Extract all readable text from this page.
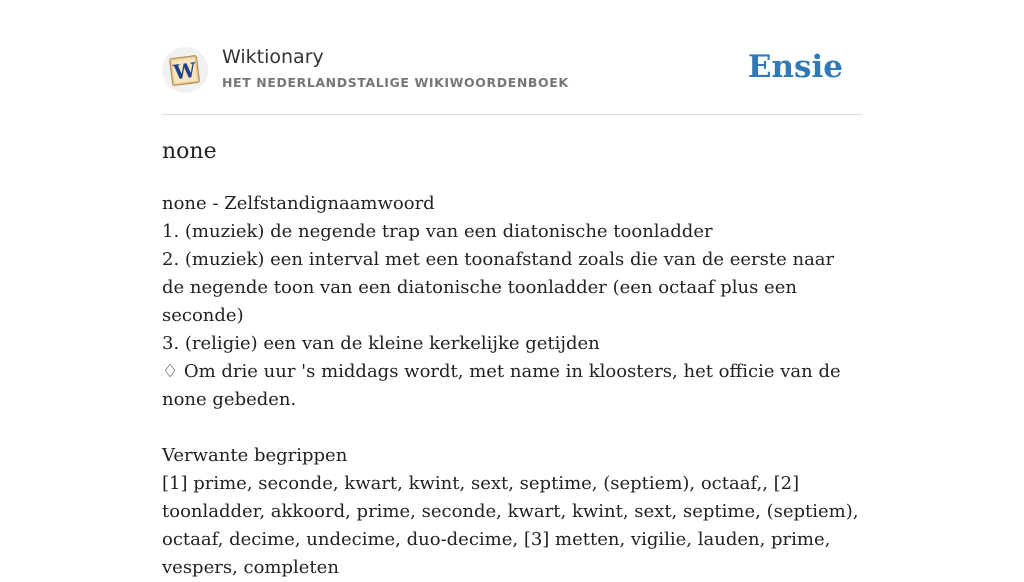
W
Wiktionary
HET NEDERLANDSTALIGE WIKIWOORDENBOEK	Ensie
none
none - Zelfstandignaamwoord
1. (muziek) de negende trap van een diatonische toonladder
2. (muziek) een interval met een toonafstand zoals die van de eerste naar de negende toon van een diatonische toonladder (een octaaf plus een seconde)
3. (religie) een van de kleine kerkelijke getijden
♢ Om drie uur 's middags wordt, met name in kloosters, het officie van de none gebeden.
Verwante begrippen
[1] prime, seconde, kwart, kwint, sext, septime, (septiem), octaaf,, [2] toonladder, akkoord, prime, seconde, kwart, kwint, sext, septime, (septiem), octaaf, decime, undecime, duo-decime, [3] metten, vigilie, lauden, prime, vespers, completen
